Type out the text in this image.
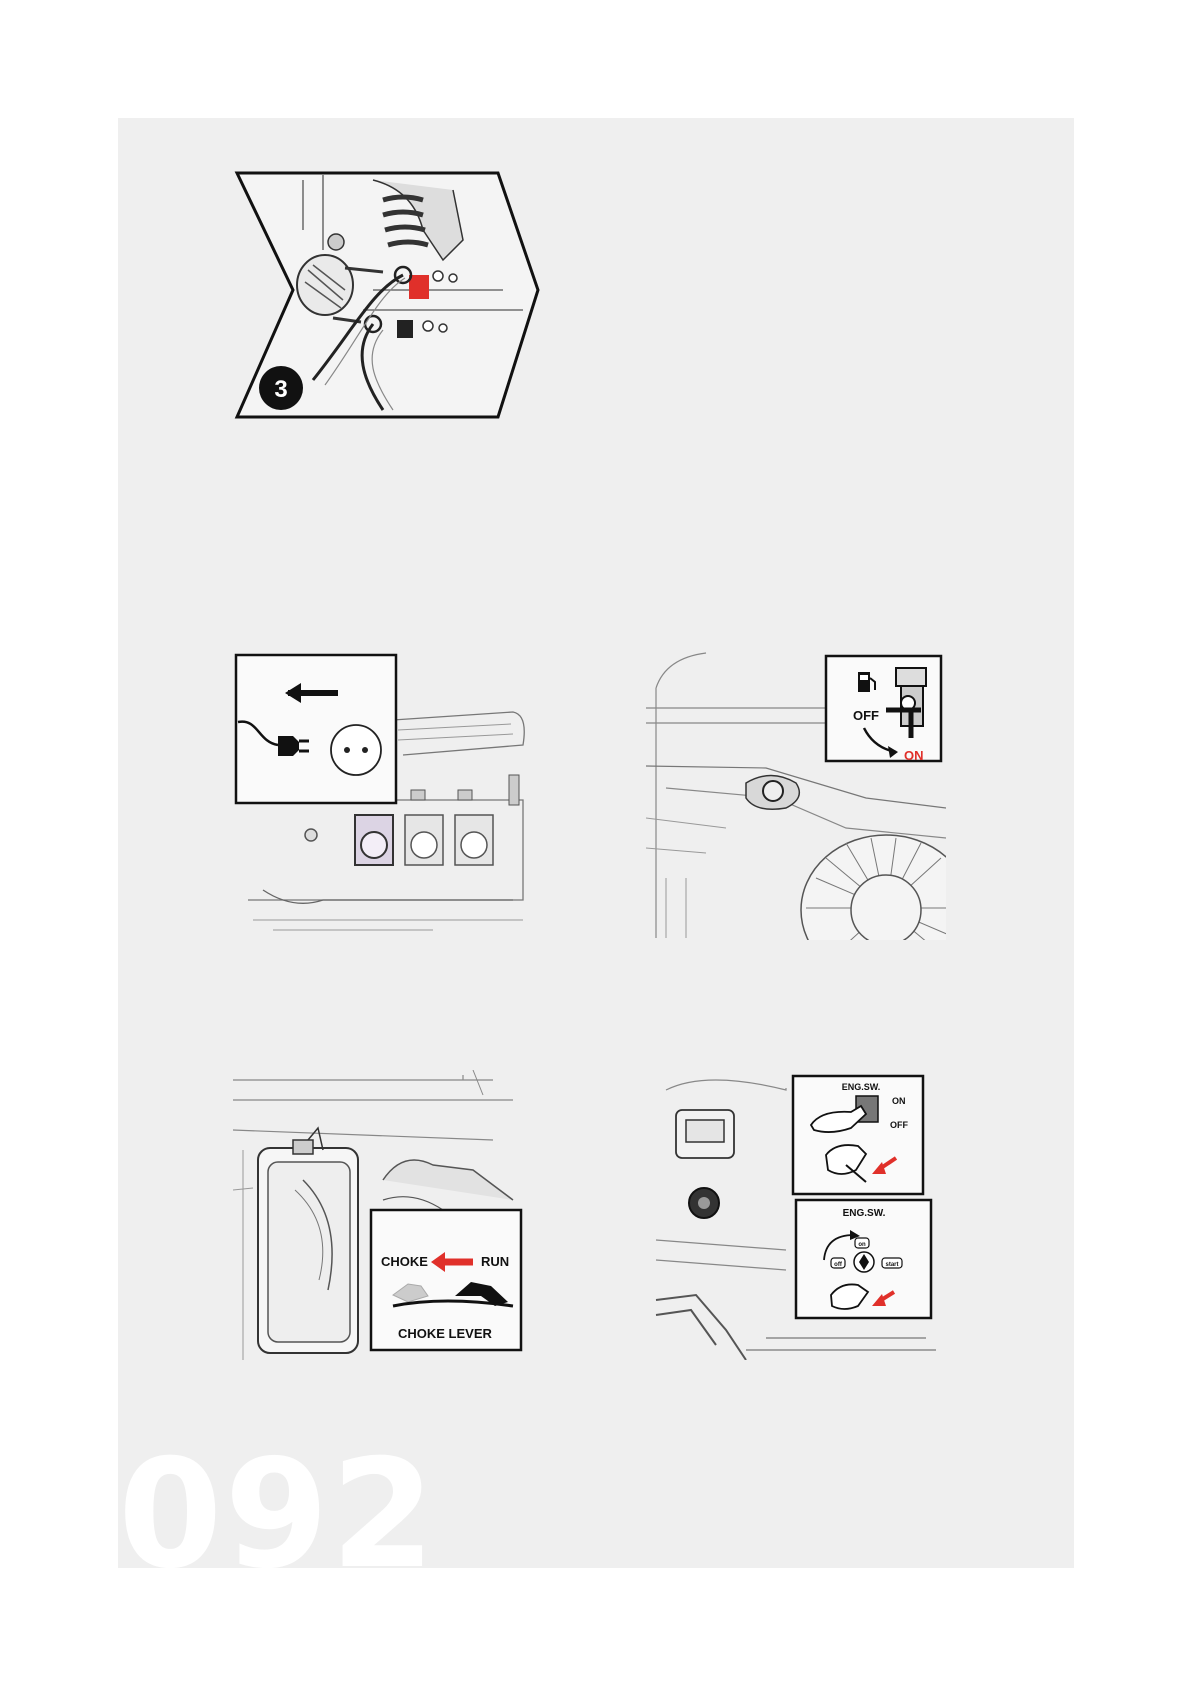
3
OFF
ON
CHOKE	RUN
CHOKE LEVER
ENG.SW.
ON
OFF
ENG.SW.
on
off	start
092
